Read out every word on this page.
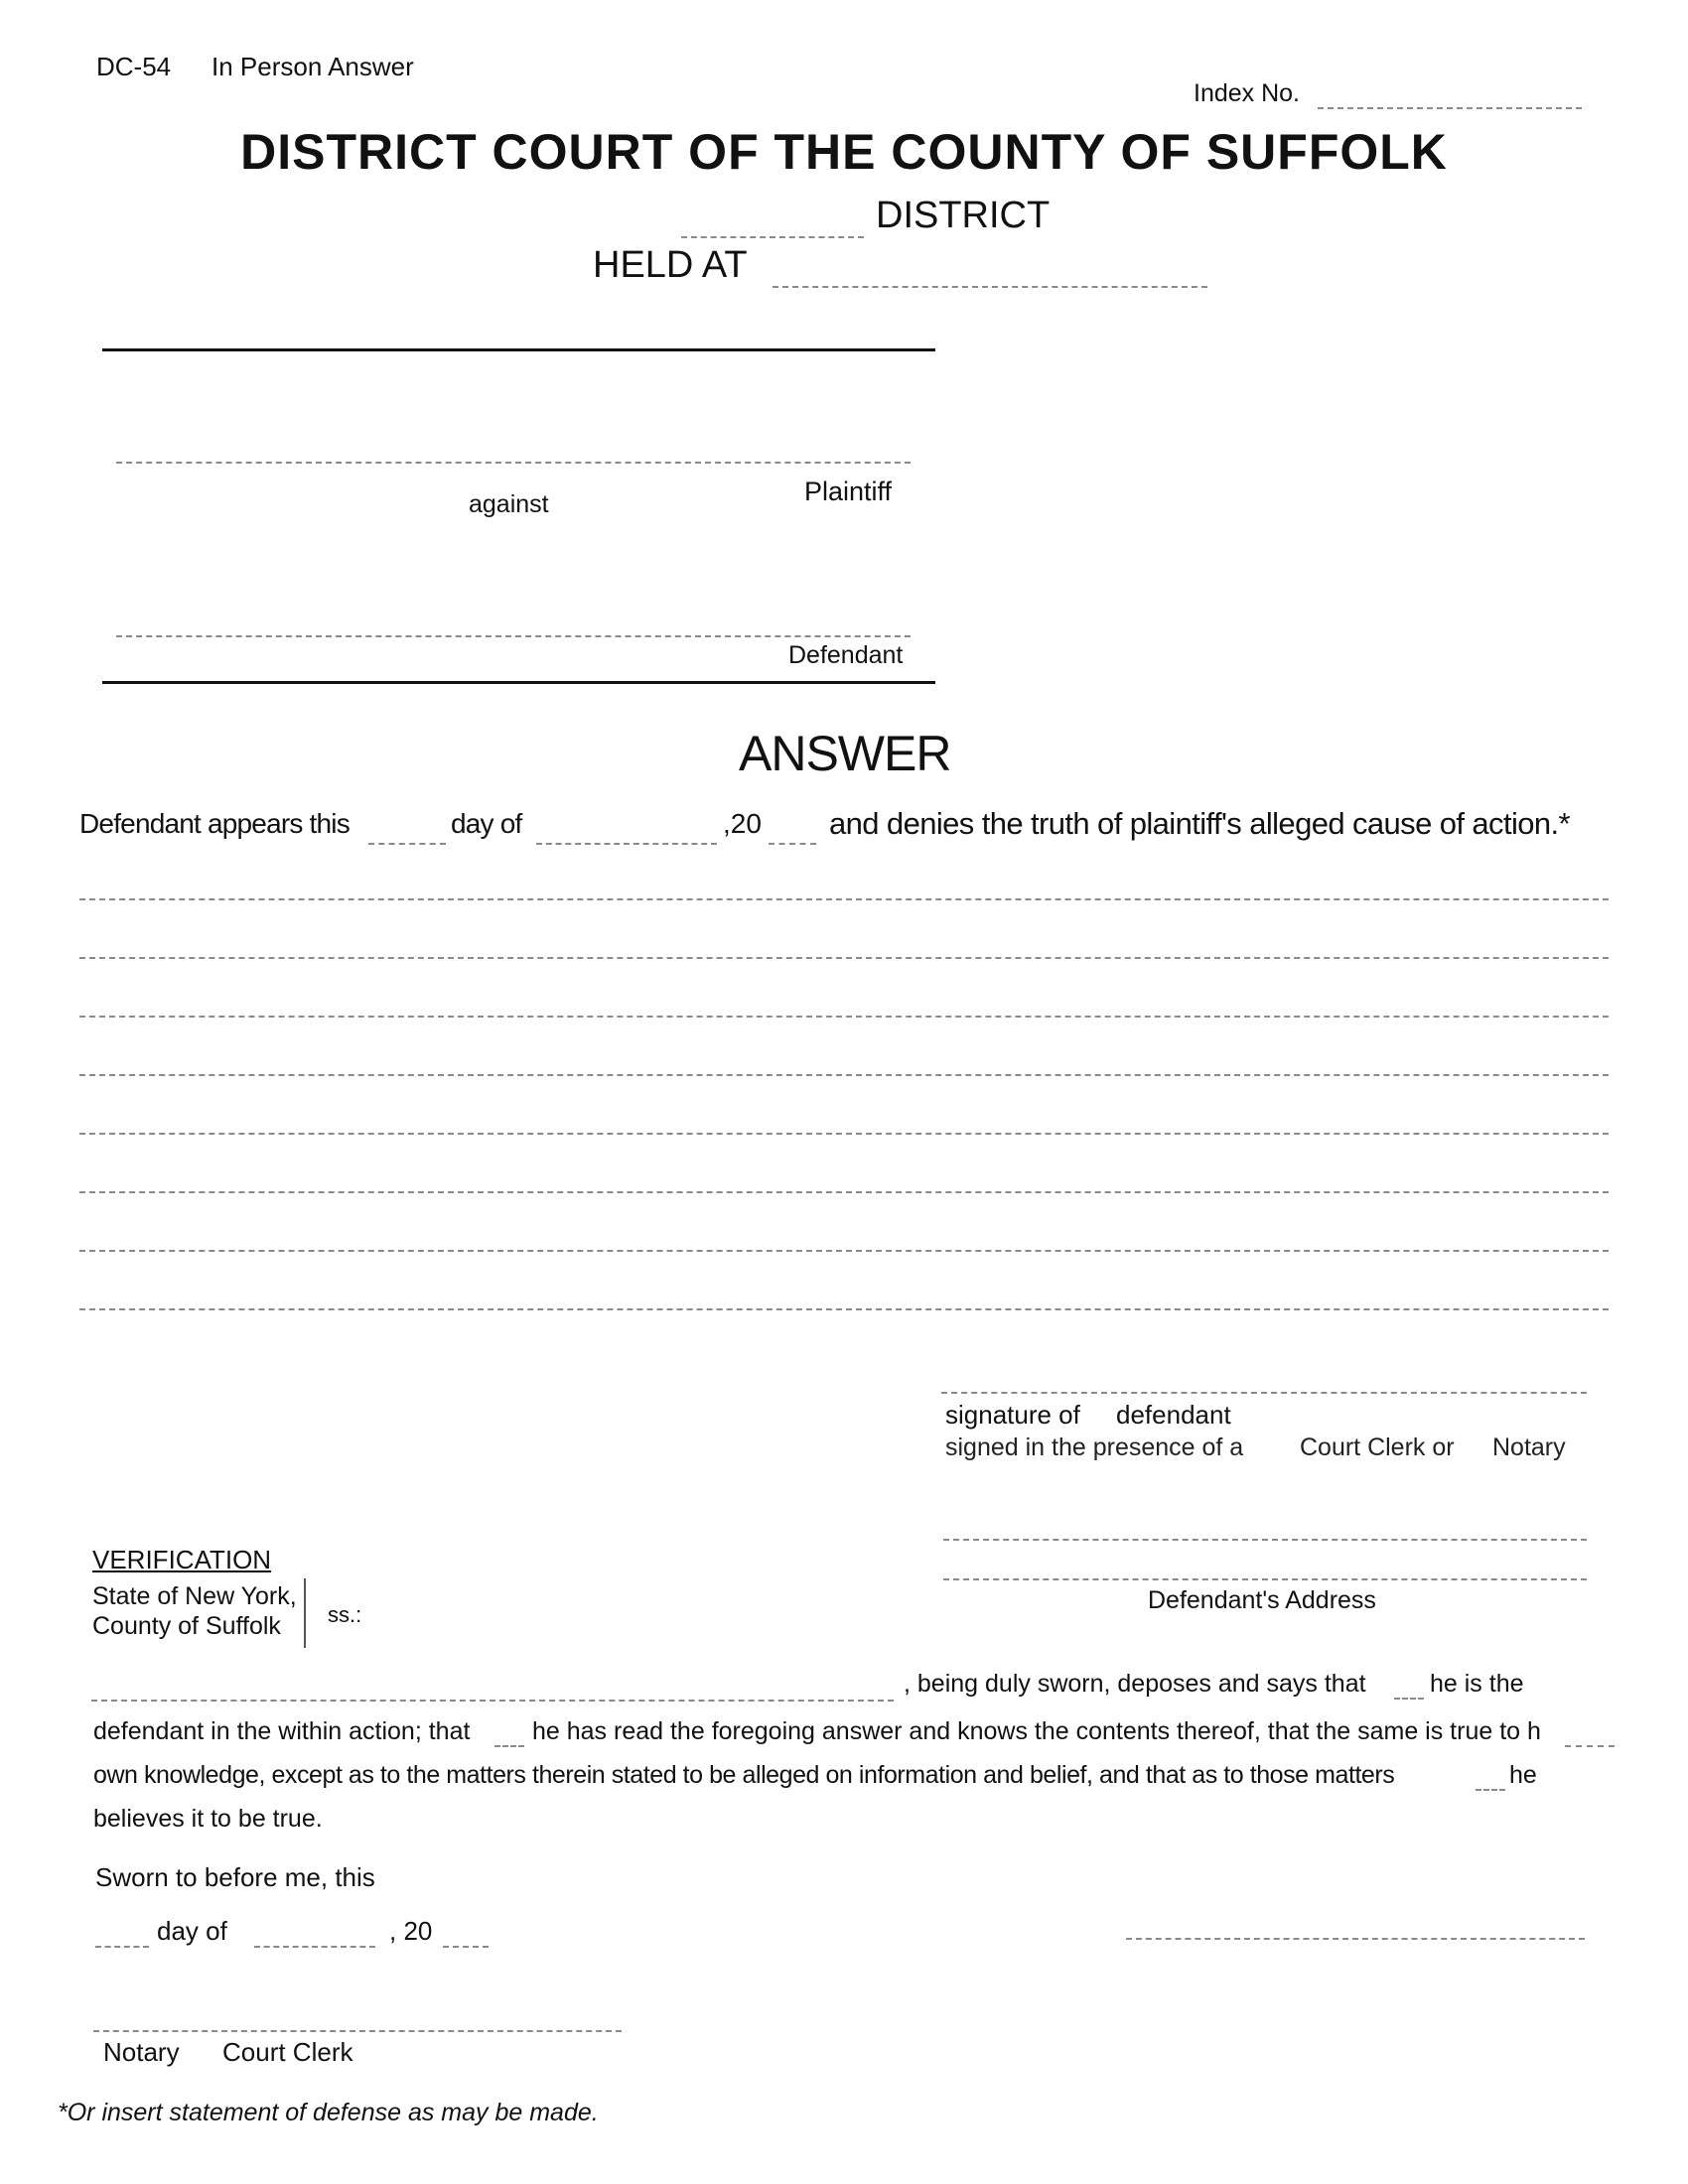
DC-54 In Person Answer
Index No.
DISTRICT COURT OF THE COUNTY OF SUFFOLK
DISTRICT
HELD AT
Plaintiff
against
Defendant
ANSWER
Defendant appears this	day of	,20 and denies the truth of plaintiff's alleged cause of action.*
signature of defendant
signed in the presence of a Court Clerk or Notary
Defendant's Address
VERIFICATION
State of New York,
County of Suffolk ss.:
, being duly sworn, deposes and says that	he is the
defendant in the within action; that	he has read the foregoing answer and knows the contents thereof, that the same is true to h
own knowledge, except as to the matters therein stated to be alleged on information and belief, and that as to those matters	he
believes it to be true.
Sworn to before me, this
day of	, 20
Notary Court Clerk
*Or insert statement of defense as may be made.
